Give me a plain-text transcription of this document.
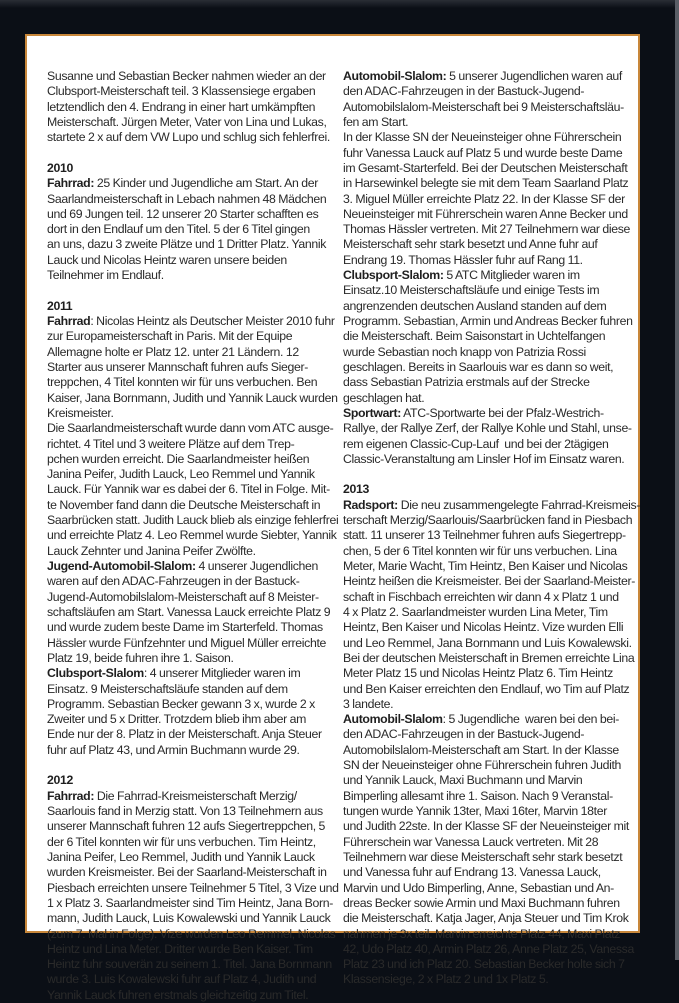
Susanne und Sebastian Becker nahmen wieder an der
Clubsport-Meisterschaft teil. 3 Klassensiege ergaben
letztendlich den 4. Endrang in einer hart umkämpften
Meisterschaft. Jürgen Meter, Vater von Lina und Lukas,
startete 2 x auf dem VW Lupo und schlug sich fehlerfrei.
2010
Fahrrad: 25 Kinder und Jugendliche am Start. An der
Saarlandmeisterschaft in Lebach nahmen 48 Mädchen
und 69 Jungen teil. 12 unserer 20 Starter schafften es
dort in den Endlauf um den Titel. 5 der 6 Titel gingen
an uns, dazu 3 zweite Plätze und 1 Dritter Platz. Yannik
Lauck und Nicolas Heintz waren unsere beiden
Teilnehmer im Endlauf.
2011
Fahrrad: Nicolas Heintz als Deutscher Meister 2010 fuhr
zur Europameisterschaft in Paris. Mit der Equipe
Allemagne holte er Platz 12. unter 21 Ländern. 12
Starter aus unserer Mannschaft fuhren aufs Sieger-
treppchen, 4 Titel konnten wir für uns verbuchen. Ben
Kaiser, Jana Bornmann, Judith und Yannik Lauck wurden
Kreismeister.
Die Saarlandmeisterschaft wurde dann vom ATC ausge-
richtet. 4 Titel und 3 weitere Plätze auf dem Trep-
pchen wurden erreicht. Die Saarlandmeister heißen
Janina Peifer, Judith Lauck, Leo Remmel und Yannik
Lauck. Für Yannik war es dabei der 6. Titel in Folge. Mit-
te November fand dann die Deutsche Meisterschaft in
Saarbrücken statt. Judith Lauck blieb als einzige fehlerfrei
und erreichte Platz 4. Leo Remmel wurde Siebter, Yannik
Lauck Zehnter und Janina Peifer Zwölfte.
Jugend-Automobil-Slalom: 4 unserer Jugendlichen
waren auf den ADAC-Fahrzeugen in der Bastuck-
Jugend-Automobilslalom-Meisterschaft auf 8 Meister-
schaftsläufen am Start. Vanessa Lauck erreichte Platz 9
und wurde zudem beste Dame im Starterfeld. Thomas
Hässler wurde Fünfzehnter und Miguel Müller erreichte
Platz 19, beide fuhren ihre 1. Saison.
Clubsport-Slalom: 4 unserer Mitglieder waren im
Einsatz. 9 Meisterschaftsläufe standen auf dem
Programm. Sebastian Becker gewann 3 x, wurde 2 x
Zweiter und 5 x Dritter. Trotzdem blieb ihm aber am
Ende nur der 8. Platz in der Meisterschaft. Anja Steuer
fuhr auf Platz 43, und Armin Buchmann wurde 29.
2012
Fahrrad: Die Fahrrad-Kreismeisterschaft Merzig/
Saarlouis fand in Merzig statt. Von 13 Teilnehmern aus
unserer Mannschaft fuhren 12 aufs Siegertreppchen, 5
der 6 Titel konnten wir für uns verbuchen. Tim Heintz,
Janina Peifer, Leo Remmel, Judith und Yannik Lauck
wurden Kreismeister. Bei der Saarland-Meisterschaft in
Piesbach erreichten unsere Teilnehmer 5 Titel, 3 Vize und
1 x Platz 3. Saarlandmeister sind Tim Heintz, Jana Born-
mann, Judith Lauck, Luis Kowalewski und Yannik Lauck
(zum 7. Mal in Folge). Vize wurden Leo Remmel, Nicolas
Heintz und Lina Meter. Dritter wurde Ben Kaiser. Tim
Heintz fuhr souverän zu seinem 1. Titel. Jana Bornmann
wurde 3. Luis Kowalewski fuhr auf Platz 4, Judith und
Yannik Lauck fuhren erstmals gleichzeitig zum Titel.
Automobil-Slalom: 5 unserer Jugendlichen waren auf
den ADAC-Fahrzeugen in der Bastuck-Jugend-
Automobilslalom-Meisterschaft bei 9 Meisterschaftsläu-
fen am Start.
In der Klasse SN der Neueinsteiger ohne Führerschein
fuhr Vanessa Lauck auf Platz 5 und wurde beste Dame
im Gesamt-Starterfeld. Bei der Deutschen Meisterschaft
in Harsewinkel belegte sie mit dem Team Saarland Platz
3. Miguel Müller erreichte Platz 22. In der Klasse SF der
Neueinsteiger mit Führerschein waren Anne Becker und
Thomas Hässler vertreten. Mit 27 Teilnehmern war diese
Meisterschaft sehr stark besetzt und Anne fuhr auf
Endrang 19. Thomas Hässler fuhr auf Rang 11.
Clubsport-Slalom: 5 ATC Mitglieder waren im
Einsatz.10 Meisterschaftsläufe und einige Tests im
angrenzenden deutschen Ausland standen auf dem
Programm. Sebastian, Armin und Andreas Becker fuhren
die Meisterschaft. Beim Saisonstart in Uchtelfangen
wurde Sebastian noch knapp von Patrizia Rossi
geschlagen. Bereits in Saarlouis war es dann so weit,
dass Sebastian Patrizia erstmals auf der Strecke
geschlagen hat.
Sportwart: ATC-Sportwarte bei der Pfalz-Westrich-
Rallye, der Rallye Zerf, der Rallye Kohle und Stahl, unse-
rem eigenen Classic-Cup-Lauf  und bei der 2tägigen
Classic-Veranstaltung am Linsler Hof im Einsatz waren.
2013
Radsport: Die neu zusammengelegte Fahrrad-Kreismeis-
terschaft Merzig/Saarlouis/Saarbrücken fand in Piesbach
statt. 11 unserer 13 Teilnehmer fuhren aufs Siegertrepp-
chen, 5 der 6 Titel konnten wir für uns verbuchen. Lina
Meter, Marie Wacht, Tim Heintz, Ben Kaiser und Nicolas
Heintz heißen die Kreismeister. Bei der Saarland-Meister-
schaft in Fischbach erreichten wir dann 4 x Platz 1 und
4 x Platz 2. Saarlandmeister wurden Lina Meter, Tim
Heintz, Ben Kaiser und Nicolas Heintz. Vize wurden Elli
und Leo Remmel, Jana Bornmann und Luis Kowalewski.
Bei der deutschen Meisterschaft in Bremen erreichte Lina
Meter Platz 15 und Nicolas Heintz Platz 6. Tim Heintz
und Ben Kaiser erreichten den Endlauf, wo Tim auf Platz
3 landete.
Automobil-Slalom: 5 Jugendliche  waren bei den bei-
den ADAC-Fahrzeugen in der Bastuck-Jugend-
Automobilslalom-Meisterschaft am Start. In der Klasse
SN der Neueinsteiger ohne Führerschein fuhren Judith
und Yannik Lauck, Maxi Buchmann und Marvin
Bimperling allesamt ihre 1. Saison. Nach 9 Veranstal-
tungen wurde Yannik 13ter, Maxi 16ter, Marvin 18ter
und Judith 22ste. In der Klasse SF der Neueinsteiger mit
Führerschein war Vanessa Lauck vertreten. Mit 28
Teilnehmern war diese Meisterschaft sehr stark besetzt
und Vanessa fuhr auf Endrang 13. Vanessa Lauck,
Marvin und Udo Bimperling, Anne, Sebastian und An-
dreas Becker sowie Armin und Maxi Buchmann fuhren
die Meisterschaft. Katja Jager, Anja Steuer und Tim Krok
nahmen je 3x teil. Marvin erreichte Platz 44, Maxi Platz
42, Udo Platz 40, Armin Platz 26, Anne Platz 25, Vanessa
Platz 23 und ich Platz 20. Sebastian Becker holte sich 7
Klassensiege, 2 x Platz 2 und 1x Platz 5.
